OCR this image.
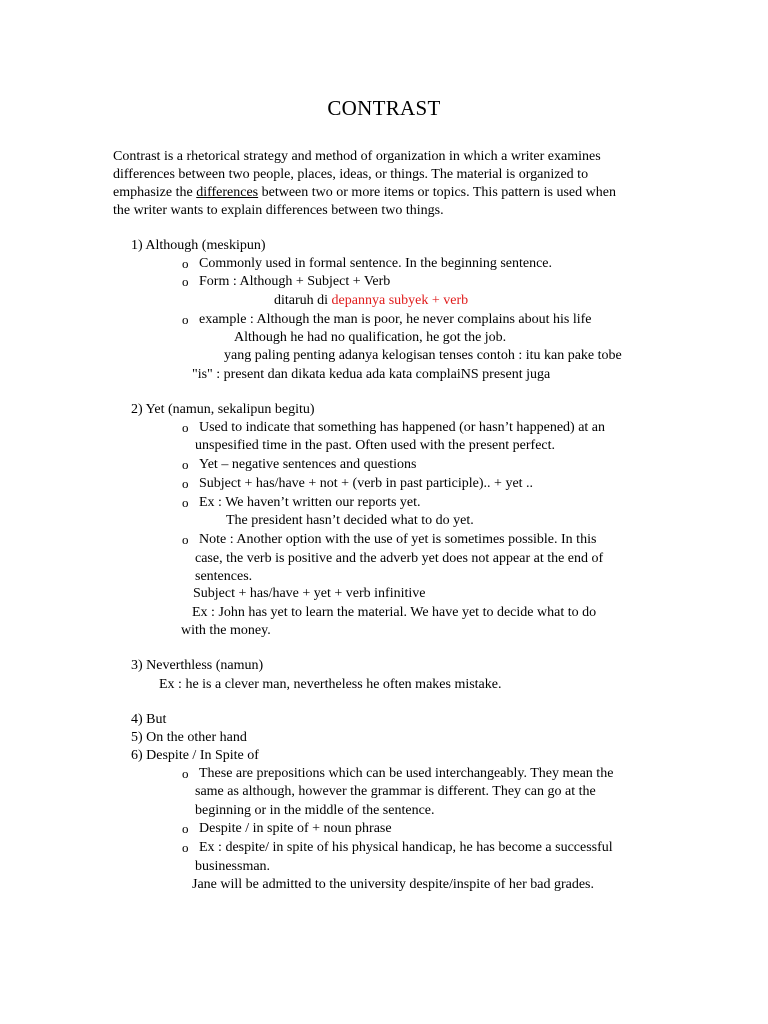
CONTRAST
Contrast is a rhetorical strategy and method of organization in which a writer examines
differences between two people, places, ideas, or things. The material is organized to
emphasize the differences between two or more items or topics. This pattern is used when
the writer wants to explain differences between two things.
1) Although (meskipun)
o Commonly used in formal sentence. In the beginning sentence.
o Form : Although + Subject + Verb
ditaruh di depannya subyek + verb
o example : Although the man is poor, he never complains about his life
Although he had no qualification, he got the job.
yang paling penting adanya kelogisan tenses contoh : itu kan pake tobe
"is" : present dan dikata kedua ada kata complaiNS present juga
2) Yet (namun, sekalipun begitu)
o Used to indicate that something has happened (or hasn’t happened) at an
unspesified time in the past. Often used with the present perfect.
o Yet – negative sentences and questions
o Subject + has/have + not + (verb in past participle).. + yet ..
o Ex : We haven’t written our reports yet.
The president hasn’t decided what to do yet.
o Note : Another option with the use of yet is sometimes possible. In this
case, the verb is positive and the adverb yet does not appear at the end of
sentences.
Subject + has/have + yet + verb infinitive
Ex : John has yet to learn the material. We have yet to decide what to do
with the money.
3) Neverthless (namun)
Ex : he is a clever man, nevertheless he often makes mistake.
4) But
5) On the other hand
6) Despite / In Spite of
o These are prepositions which can be used interchangeably. They mean the
same as although, however the grammar is different. They can go at the
beginning or in the middle of the sentence.
o Despite / in spite of + noun phrase
o Ex : despite/ in spite of his physical handicap, he has become a successful
businessman.
Jane will be admitted to the university despite/inspite of her bad grades.
